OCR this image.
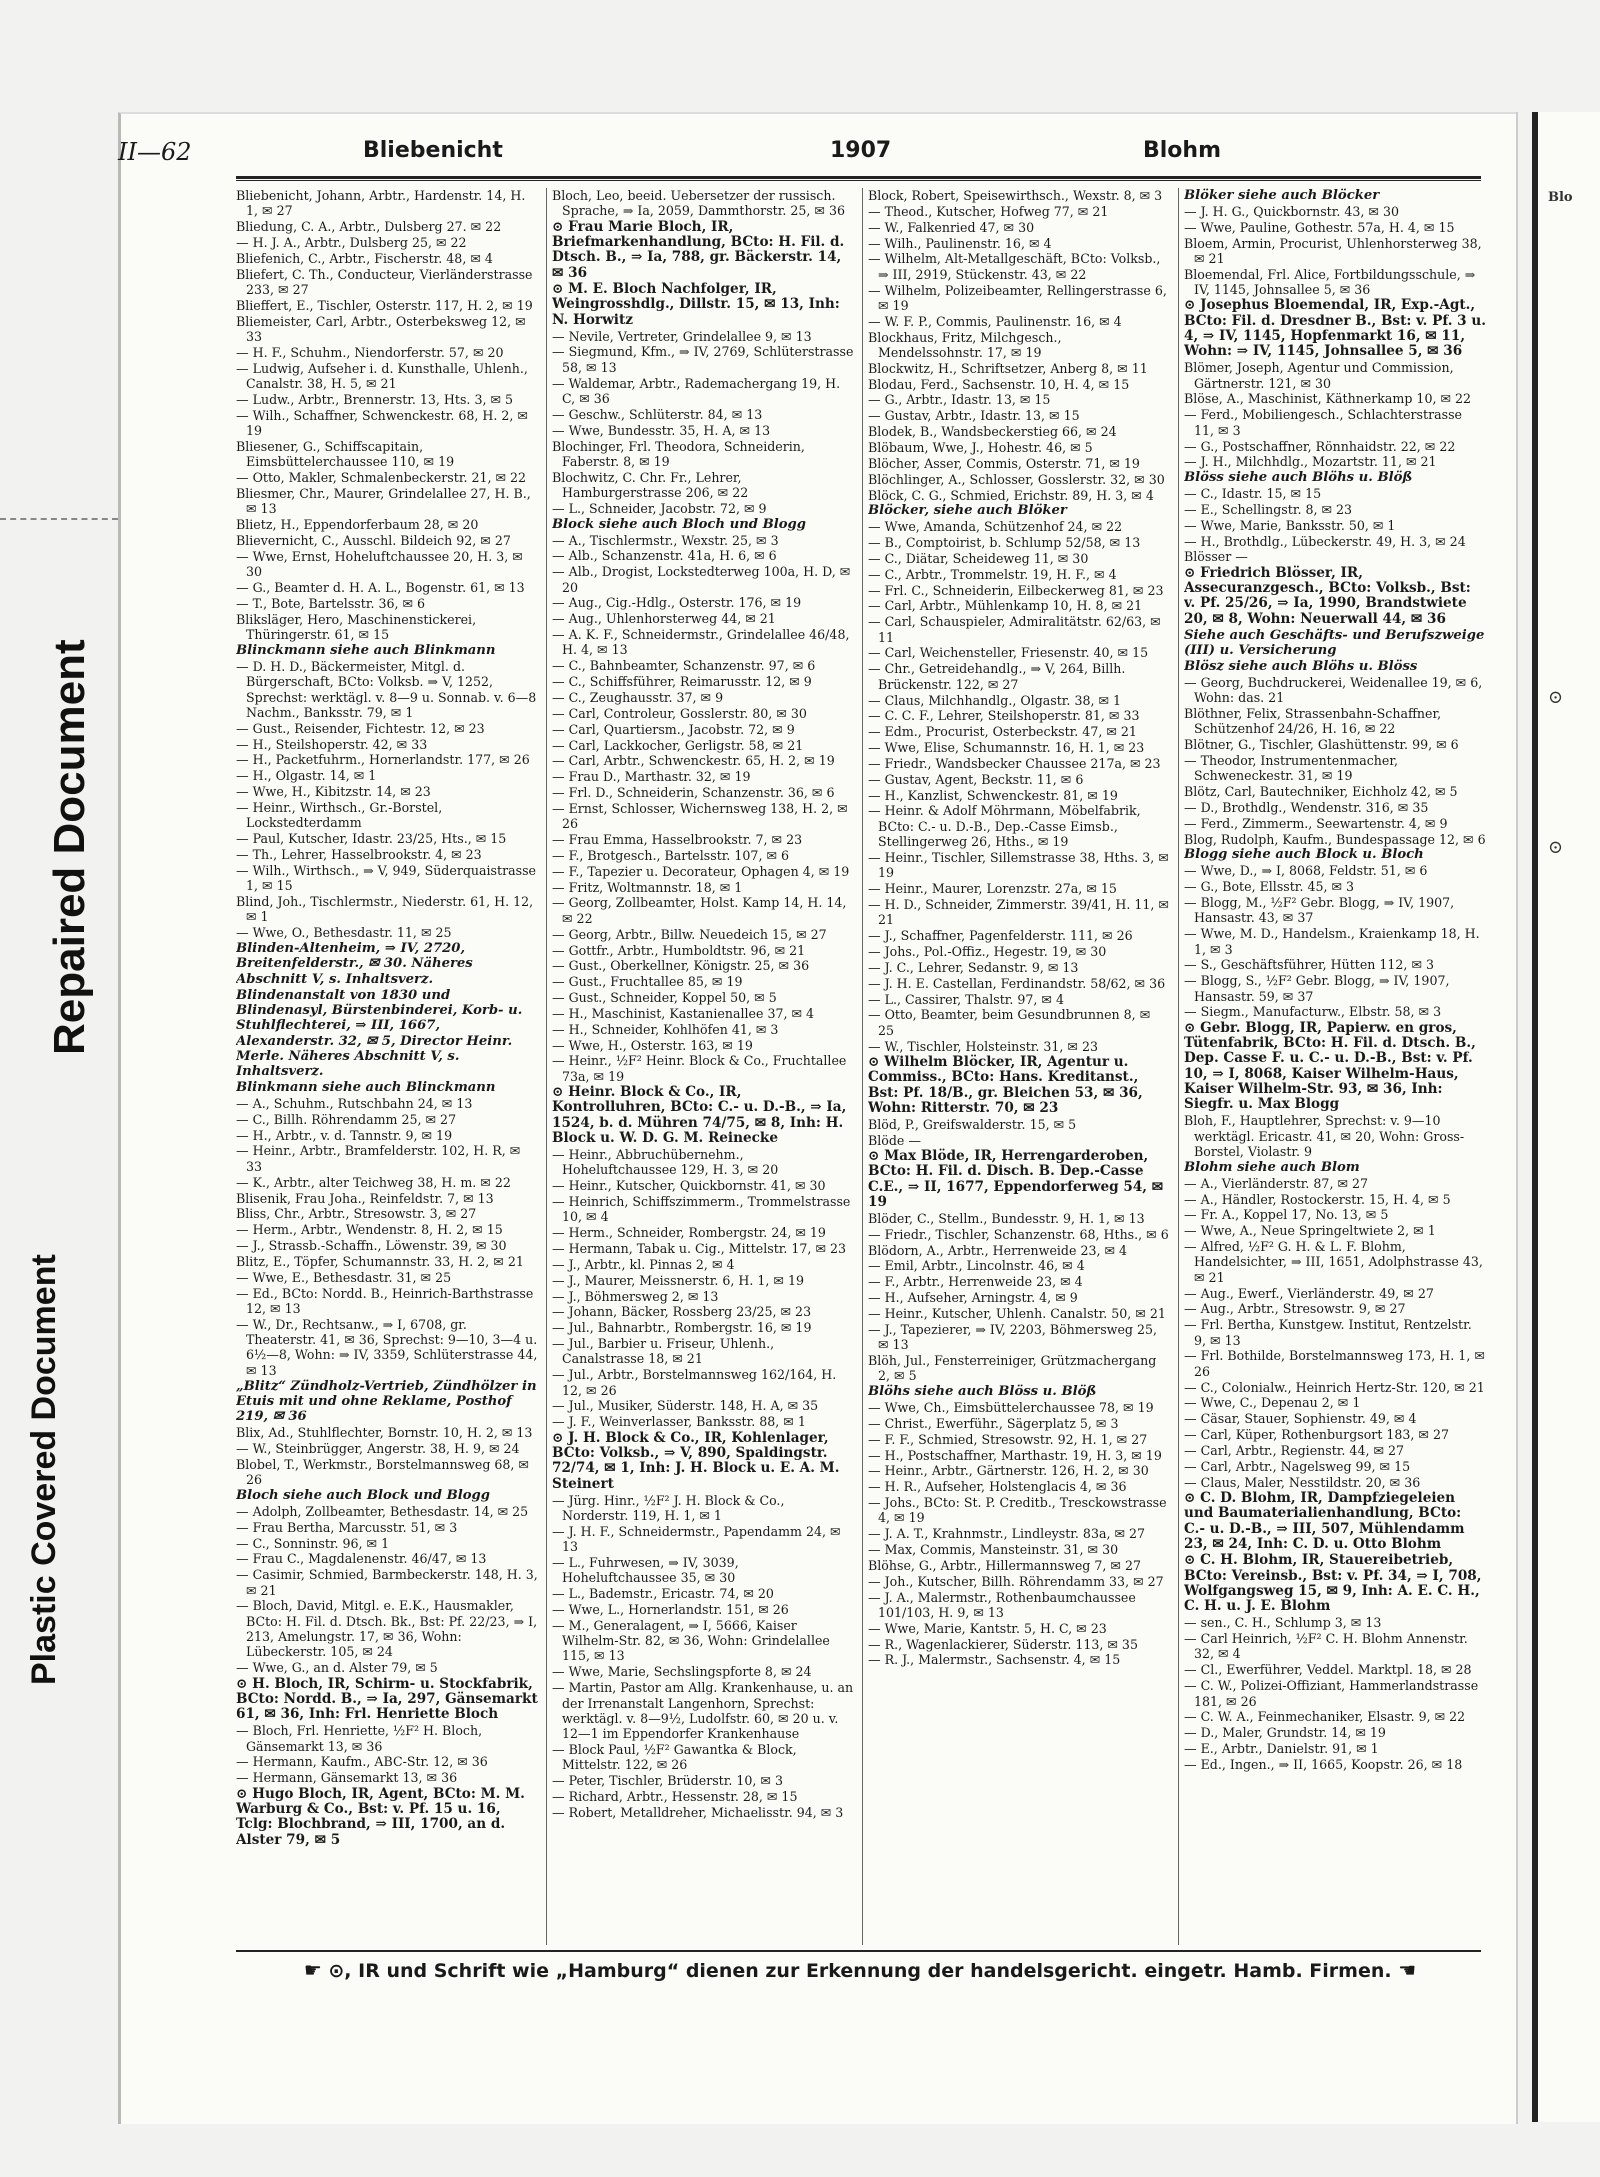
Repaired Document
Plastic Covered Document
Blo
⊙
⊙
II—62	Bliebenicht	1907	Blohm
Bliebenicht, Johann, Arbtr., Hardenstr. 14, H. 1, ✉ 27
Bliedung, C. A., Arbtr., Dulsberg 27. ✉ 22
— H. J. A., Arbtr., Dulsberg 25, ✉ 22
Bliefenich, C., Arbtr., Fischerstr. 48, ✉ 4
Bliefert, C. Th., Conducteur, Vierländerstrasse 233, ✉ 27
Blieffert, E., Tischler, Osterstr. 117, H. 2, ✉ 19
Bliemeister, Carl, Arbtr., Osterbeksweg 12, ✉ 33
— H. F., Schuhm., Niendorferstr. 57, ✉ 20
— Ludwig, Aufseher i. d. Kunsthalle, Uhlenh., Canalstr. 38, H. 5, ✉ 21
— Ludw., Arbtr., Brennerstr. 13, Hts. 3, ✉ 5
— Wilh., Schaffner, Schwenckestr. 68, H. 2, ✉ 19
Bliesener, G., Schiffscapitain, Eimsbüttelerchaussee 110, ✉ 19
— Otto, Makler, Schmalenbeckerstr. 21, ✉ 22
Bliesmer, Chr., Maurer, Grindelallee 27, H. B., ✉ 13
Blietz, H., Eppendorferbaum 28, ✉ 20
Blievernicht, C., Ausschl. Bildeich 92, ✉ 27
— Wwe, Ernst, Hoheluftchaussee 20, H. 3, ✉ 30
— G., Beamter d. H. A. L., Bogenstr. 61, ✉ 13
— T., Bote, Bartelsstr. 36, ✉ 6
Bliksläger, Hero, Maschinenstickerei, Thüringerstr. 61, ✉ 15
Blinckmann siehe auch Blinkmann
— D. H. D., Bäckermeister, Mitgl. d. Bürgerschaft, BCto: Volksb. ⇒ V, 1252, Sprechst: werktägl. v. 8—9 u. Sonnab. v. 6—8 Nachm., Banksstr. 79, ✉ 1
— Gust., Reisender, Fichtestr. 12, ✉ 23
— H., Steilshoperstr. 42, ✉ 33
— H., Packetfuhrm., Hornerlandstr. 177, ✉ 26
— H., Olgastr. 14, ✉ 1
— Wwe, H., Kibitzstr. 14, ✉ 23
— Heinr., Wirthsch., Gr.-Borstel, Lockstedterdamm
— Paul, Kutscher, Idastr. 23/25, Hts., ✉ 15
— Th., Lehrer, Hasselbrookstr. 4, ✉ 23
— Wilh., Wirthsch., ⇒ V, 949, Süderquaistrasse 1, ✉ 15
Blind, Joh., Tischlermstr., Niederstr. 61, H. 12, ✉ 1
— Wwe, O., Bethesdastr. 11, ✉ 25
Blinden-Altenheim, ⇒ IV, 2720, Breitenfelderstr., ✉ 30. Näheres Abschnitt V, s. Inhaltsverz.
Blindenanstalt von 1830 und Blindenasyl, Bürstenbinderei, Korb- u. Stuhlflechterei, ⇒ III, 1667, Alexanderstr. 32, ✉ 5, Director Heinr. Merle. Näheres Abschnitt V, s. Inhaltsverz.
Blinkmann siehe auch Blinckmann
— A., Schuhm., Rutschbahn 24, ✉ 13
— C., Billh. Röhrendamm 25, ✉ 27
— H., Arbtr., v. d. Tannstr. 9, ✉ 19
— Heinr., Arbtr., Bramfelderstr. 102, H. R, ✉ 33
— K., Arbtr., alter Teichweg 38, H. m. ✉ 22
Blisenik, Frau Joha., Reinfeldstr. 7, ✉ 13
Bliss, Chr., Arbtr., Stresowstr. 3, ✉ 27
— Herm., Arbtr., Wendenstr. 8, H. 2, ✉ 15
— J., Strassb.-Schaffn., Löwenstr. 39, ✉ 30
Blitz, E., Töpfer, Schumannstr. 33, H. 2, ✉ 21
— Wwe, E., Bethesdastr. 31, ✉ 25
— Ed., BCto: Nordd. B., Heinrich-Barthstrasse 12, ✉ 13
— W., Dr., Rechtsanw., ⇒ I, 6708, gr. Theaterstr. 41, ✉ 36, Sprechst: 9—10, 3—4 u. 6½—8, Wohn: ⇒ IV, 3359, Schlüterstrasse 44, ✉ 13
„Blitz“ Zündholz-Vertrieb, Zündhölzer in Etuis mit und ohne Reklame, Posthof 219, ✉ 36
Blix, Ad., Stuhlflechter, Bornstr. 10, H. 2, ✉ 13
— W., Steinbrügger, Angerstr. 38, H. 9, ✉ 24
Blobel, T., Werkmstr., Borstelmannsweg 68, ✉ 26
Bloch siehe auch Block und Blogg
— Adolph, Zollbeamter, Bethesdastr. 14, ✉ 25
— Frau Bertha, Marcusstr. 51, ✉ 3
— C., Sonninstr. 96, ✉ 1
— Frau C., Magdalenenstr. 46/47, ✉ 13
— Casimir, Schmied, Barmbeckerstr. 148, H. 3, ✉ 21
— Bloch, David, Mitgl. e. E.K., Hausmakler, BCto: H. Fil. d. Dtsch. Bk., Bst: Pf. 22/23, ⇒ I, 213, Amelungstr. 17, ✉ 36, Wohn: Lübeckerstr. 105, ✉ 24
— Wwe, G., an d. Alster 79, ✉ 5
⊙ H. Bloch, IR, Schirm- u. Stockfabrik, BCto: Nordd. B., ⇒ Ia, 297, Gänsemarkt 61, ✉ 36, Inh: Frl. Henriette Bloch
— Bloch, Frl. Henriette, ½F² H. Bloch, Gänsemarkt 13, ✉ 36
— Hermann, Kaufm., ABC-Str. 12, ✉ 36
— Hermann, Gänsemarkt 13, ✉ 36
⊙ Hugo Bloch, IR, Agent, BCto: M. M. Warburg & Co., Bst: v. Pf. 15 u. 16, Tclg: Blochbrand, ⇒ III, 1700, an d. Alster 79, ✉ 5
Bloch, Leo, beeid. Uebersetzer der russisch. Sprache, ⇒ Ia, 2059, Dammthorstr. 25, ✉ 36
⊙ Frau Marie Bloch, IR, Briefmarkenhandlung, BCto: H. Fil. d. Dtsch. B., ⇒ Ia, 788, gr. Bäckerstr. 14, ✉ 36
⊙ M. E. Bloch Nachfolger, IR, Weingrosshdlg., Dillstr. 15, ✉ 13, Inh: N. Horwitz
— Nevile, Vertreter, Grindelallee 9, ✉ 13
— Siegmund, Kfm., ⇒ IV, 2769, Schlüterstrasse 58, ✉ 13
— Waldemar, Arbtr., Rademachergang 19, H. C, ✉ 36
— Geschw., Schlüterstr. 84, ✉ 13
— Wwe, Bundesstr. 35, H. A, ✉ 13
Blochinger, Frl. Theodora, Schneiderin, Faberstr. 8, ✉ 19
Blochwitz, C. Chr. Fr., Lehrer, Hamburgerstrasse 206, ✉ 22
— L., Schneider, Jacobstr. 72, ✉ 9
Block siehe auch Bloch und Blogg
— A., Tischlermstr., Wexstr. 25, ✉ 3
— Alb., Schanzenstr. 41a, H. 6, ✉ 6
— Alb., Drogist, Lockstedterweg 100a, H. D, ✉ 20
— Aug., Cig.-Hdlg., Osterstr. 176, ✉ 19
— Aug., Uhlenhorsterweg 44, ✉ 21
— A. K. F., Schneidermstr., Grindelallee 46/48, H. 4, ✉ 13
— C., Bahnbeamter, Schanzenstr. 97, ✉ 6
— C., Schiffsführer, Reimarusstr. 12, ✉ 9
— C., Zeughausstr. 37, ✉ 9
— Carl, Controleur, Gosslerstr. 80, ✉ 30
— Carl, Quartiersm., Jacobstr. 72, ✉ 9
— Carl, Lackkocher, Gerligstr. 58, ✉ 21
— Carl, Arbtr., Schwenckestr. 65, H. 2, ✉ 19
— Frau D., Marthastr. 32, ✉ 19
— Frl. D., Schneiderin, Schanzenstr. 36, ✉ 6
— Ernst, Schlosser, Wichernsweg 138, H. 2, ✉ 26
— Frau Emma, Hasselbrookstr. 7, ✉ 23
— F., Brotgesch., Bartelsstr. 107, ✉ 6
— F., Tapezier u. Decorateur, Ophagen 4, ✉ 19
— Fritz, Woltmannstr. 18, ✉ 1
— Georg, Zollbeamter, Holst. Kamp 14, H. 14, ✉ 22
— Georg, Arbtr., Billw. Neuedeich 15, ✉ 27
— Gottfr., Arbtr., Humboldtstr. 96, ✉ 21
— Gust., Oberkellner, Königstr. 25, ✉ 36
— Gust., Fruchtallee 85, ✉ 19
— Gust., Schneider, Koppel 50, ✉ 5
— H., Maschinist, Kastanienallee 37, ✉ 4
— H., Schneider, Kohlhöfen 41, ✉ 3
— Wwe, H., Osterstr. 163, ✉ 19
— Heinr., ½F² Heinr. Block & Co., Fruchtallee 73a, ✉ 19
⊙ Heinr. Block & Co., IR, Kontrolluhren, BCto: C.- u. D.-B., ⇒ Ia, 1524, b. d. Mühren 74/75, ✉ 8, Inh: H. Block u. W. D. G. M. Reinecke
— Heinr., Abbruchübernehm., Hoheluftchaussee 129, H. 3, ✉ 20
— Heinr., Kutscher, Quickbornstr. 41, ✉ 30
— Heinrich, Schiffszimmerm., Trommelstrasse 10, ✉ 4
— Herm., Schneider, Rombergstr. 24, ✉ 19
— Hermann, Tabak u. Cig., Mittelstr. 17, ✉ 23
— J., Arbtr., kl. Pinnas 2, ✉ 4
— J., Maurer, Meissnerstr. 6, H. 1, ✉ 19
— J., Böhmersweg 2, ✉ 13
— Johann, Bäcker, Rossberg 23/25, ✉ 23
— Jul., Bahnarbtr., Rombergstr. 16, ✉ 19
— Jul., Barbier u. Friseur, Uhlenh., Canalstrasse 18, ✉ 21
— Jul., Arbtr., Borstelmannsweg 162/164, H. 12, ✉ 26
— Jul., Musiker, Süderstr. 148, H. A, ✉ 35
— J. F., Weinverlasser, Banksstr. 88, ✉ 1
⊙ J. H. Block & Co., IR, Kohlenlager, BCto: Volksb., ⇒ V, 890, Spaldingstr. 72/74, ✉ 1, Inh: J. H. Block u. E. A. M. Steinert
— Jürg. Hinr., ½F² J. H. Block & Co., Norderstr. 119, H. 1, ✉ 1
— J. H. F., Schneidermstr., Papendamm 24, ✉ 13
— L., Fuhrwesen, ⇒ IV, 3039, Hoheluftchaussee 35, ✉ 30
— L., Bademstr., Ericastr. 74, ✉ 20
— Wwe, L., Hornerlandstr. 151, ✉ 26
— M., Generalagent, ⇒ I, 5666, Kaiser Wilhelm-Str. 82, ✉ 36, Wohn: Grindelallee 115, ✉ 13
— Wwe, Marie, Sechslingspforte 8, ✉ 24
— Martin, Pastor am Allg. Krankenhause, u. an der Irrenanstalt Langenhorn, Sprechst: werktägl. v. 8—9½, Ludolfstr. 60, ✉ 20 u. v. 12—1 im Eppendorfer Krankenhause
— Block Paul, ½F² Gawantka & Block, Mittelstr. 122, ✉ 26
— Peter, Tischler, Brüderstr. 10, ✉ 3
— Richard, Arbtr., Hessenstr. 28, ✉ 15
— Robert, Metalldreher, Michaelisstr. 94, ✉ 3
Block, Robert, Speisewirthsch., Wexstr. 8, ✉ 3
— Theod., Kutscher, Hofweg 77, ✉ 21
— W., Falkenried 47, ✉ 30
— Wilh., Paulinenstr. 16, ✉ 4
— Wilhelm, Alt-Metallgeschäft, BCto: Volksb., ⇒ III, 2919, Stückenstr. 43, ✉ 22
— Wilhelm, Polizeibeamter, Rellingerstrasse 6, ✉ 19
— W. F. P., Commis, Paulinenstr. 16, ✉ 4
Blockhaus, Fritz, Milchgesch., Mendelssohnstr. 17, ✉ 19
Blockwitz, H., Schriftsetzer, Anberg 8, ✉ 11
Blodau, Ferd., Sachsenstr. 10, H. 4, ✉ 15
— G., Arbtr., Idastr. 13, ✉ 15
— Gustav, Arbtr., Idastr. 13, ✉ 15
Blodek, B., Wandsbeckerstieg 66, ✉ 24
Blöbaum, Wwe, J., Hohestr. 46, ✉ 5
Blöcher, Asser, Commis, Osterstr. 71, ✉ 19
Blöchlinger, A., Schlosser, Gosslerstr. 32, ✉ 30
Blöck, C. G., Schmied, Erichstr. 89, H. 3, ✉ 4
Blöcker, siehe auch Blöker
— Wwe, Amanda, Schützenhof 24, ✉ 22
— B., Comptoirist, b. Schlump 52/58, ✉ 13
— C., Diätar, Scheideweg 11, ✉ 30
— C., Arbtr., Trommelstr. 19, H. F., ✉ 4
— Frl. C., Schneiderin, Eilbeckerweg 81, ✉ 23
— Carl, Arbtr., Mühlenkamp 10, H. 8, ✉ 21
— Carl, Schauspieler, Admiralitätstr. 62/63, ✉ 11
— Carl, Weichensteller, Friesenstr. 40, ✉ 15
— Chr., Getreidehandlg., ⇒ V, 264, Billh. Brückenstr. 122, ✉ 27
— Claus, Milchhandlg., Olgastr. 38, ✉ 1
— C. C. F., Lehrer, Steilshoperstr. 81, ✉ 33
— Edm., Procurist, Osterbeckstr. 47, ✉ 21
— Wwe, Elise, Schumannstr. 16, H. 1, ✉ 23
— Friedr., Wandsbecker Chaussee 217a, ✉ 23
— Gustav, Agent, Beckstr. 11, ✉ 6
— H., Kanzlist, Schwenckestr. 81, ✉ 19
— Heinr. & Adolf Möhrmann, Möbelfabrik, BCto: C.- u. D.-B., Dep.-Casse Eimsb., Stellingerweg 26, Hths., ✉ 19
— Heinr., Tischler, Sillemstrasse 38, Hths. 3, ✉ 19
— Heinr., Maurer, Lorenzstr. 27a, ✉ 15
— H. D., Schneider, Zimmerstr. 39/41, H. 11, ✉ 21
— J., Schaffner, Pagenfelderstr. 111, ✉ 26
— Johs., Pol.-Offiz., Hegestr. 19, ✉ 30
— J. C., Lehrer, Sedanstr. 9, ✉ 13
— J. H. E. Castellan, Ferdinandstr. 58/62, ✉ 36
— L., Cassirer, Thalstr. 97, ✉ 4
— Otto, Beamter, beim Gesundbrunnen 8, ✉ 25
— W., Tischler, Holsteinstr. 31, ✉ 23
⊙ Wilhelm Blöcker, IR, Agentur u. Commiss., BCto: Hans. Kreditanst., Bst: Pf. 18/B., gr. Bleichen 53, ✉ 36, Wohn: Ritterstr. 70, ✉ 23
Blöd, P., Greifswalderstr. 15, ✉ 5
Blöde —
⊙ Max Blöde, IR, Herrengarderoben, BCto: H. Fil. d. Disch. B. Dep.-Casse C.E., ⇒ II, 1677, Eppendorferweg 54, ✉ 19
Blöder, C., Stellm., Bundesstr. 9, H. 1, ✉ 13
— Friedr., Tischler, Schanzenstr. 68, Hths., ✉ 6
Blödorn, A., Arbtr., Herrenweide 23, ✉ 4
— Emil, Arbtr., Lincolnstr. 46, ✉ 4
— F., Arbtr., Herrenweide 23, ✉ 4
— H., Aufseher, Arningstr. 4, ✉ 9
— Heinr., Kutscher, Uhlenh. Canalstr. 50, ✉ 21
— J., Tapezierer, ⇒ IV, 2203, Böhmersweg 25, ✉ 13
Blöh, Jul., Fensterreiniger, Grützmachergang 2, ✉ 5
Blöhs siehe auch Blöss u. Blöß
— Wwe, Ch., Eimsbüttelerchaussee 78, ✉ 19
— Christ., Ewerführ., Sägerplatz 5, ✉ 3
— F. F., Schmied, Stresowstr. 92, H. 1, ✉ 27
— H., Postschaffner, Marthastr. 19, H. 3, ✉ 19
— Heinr., Arbtr., Gärtnerstr. 126, H. 2, ✉ 30
— H. R., Aufseher, Holstenglacis 4, ✉ 36
— Johs., BCto: St. P. Creditb., Tresckowstrasse 4, ✉ 19
— J. A. T., Krahnmstr., Lindleystr. 83a, ✉ 27
— Max, Commis, Mansteinstr. 31, ✉ 30
Blöhse, G., Arbtr., Hillermannsweg 7, ✉ 27
— Joh., Kutscher, Billh. Röhrendamm 33, ✉ 27
— J. A., Malermstr., Rothenbaumchaussee 101/103, H. 9, ✉ 13
— Wwe, Marie, Kantstr. 5, H. C, ✉ 23
— R., Wagenlackierer, Süderstr. 113, ✉ 35
— R. J., Malermstr., Sachsenstr. 4, ✉ 15
Blöker siehe auch Blöcker
— J. H. G., Quickbornstr. 43, ✉ 30
— Wwe, Pauline, Gothestr. 57a, H. 4, ✉ 15
Bloem, Armin, Procurist, Uhlenhorsterweg 38, ✉ 21
Bloemendal, Frl. Alice, Fortbildungsschule, ⇒ IV, 1145, Johnsallee 5, ✉ 36
⊙ Josephus Bloemendal, IR, Exp.-Agt., BCto: Fil. d. Dresdner B., Bst: v. Pf. 3 u. 4, ⇒ IV, 1145, Hopfenmarkt 16, ✉ 11, Wohn: ⇒ IV, 1145, Johnsallee 5, ✉ 36
Blömer, Joseph, Agentur und Commission, Gärtnerstr. 121, ✉ 30
Blöse, A., Maschinist, Käthnerkamp 10, ✉ 22
— Ferd., Mobiliengesch., Schlachterstrasse 11, ✉ 3
— G., Postschaffner, Rönnhaidstr. 22, ✉ 22
— J. H., Milchhdlg., Mozartstr. 11, ✉ 21
Blöss siehe auch Blöhs u. Blöß
— C., Idastr. 15, ✉ 15
— E., Schellingstr. 8, ✉ 23
— Wwe, Marie, Banksstr. 50, ✉ 1
— H., Brothdlg., Lübeckerstr. 49, H. 3, ✉ 24
Blösser —
⊙ Friedrich Blösser, IR, Assecuranzgesch., BCto: Volksb., Bst: v. Pf. 25/26, ⇒ Ia, 1990, Brandstwiete 20, ✉ 8, Wohn: Neuerwall 44, ✉ 36
Siehe auch Geschäfts- und Berufszweige (III) u. Versicherung
Blösz siehe auch Blöhs u. Blöss
— Georg, Buchdruckerei, Weidenallee 19, ✉ 6, Wohn: das. 21
Blöthner, Felix, Strassenbahn-Schaffner, Schützenhof 24/26, H. 16, ✉ 22
Blötner, G., Tischler, Glashüttenstr. 99, ✉ 6
— Theodor, Instrumentenmacher, Schweneckestr. 31, ✉ 19
Blötz, Carl, Bautechniker, Eichholz 42, ✉ 5
— D., Brothdlg., Wendenstr. 316, ✉ 35
— Ferd., Zimmerm., Seewartenstr. 4, ✉ 9
Blog, Rudolph, Kaufm., Bundespassage 12, ✉ 6
Blogg siehe auch Block u. Bloch
— Wwe, D., ⇒ I, 8068, Feldstr. 51, ✉ 6
— G., Bote, Ellsstr. 45, ✉ 3
— Blogg, M., ½F² Gebr. Blogg, ⇒ IV, 1907, Hansastr. 43, ✉ 37
— Wwe, M. D., Handelsm., Kraienkamp 18, H. 1, ✉ 3
— S., Geschäftsführer, Hütten 112, ✉ 3
— Blogg, S., ½F² Gebr. Blogg, ⇒ IV, 1907, Hansastr. 59, ✉ 37
— Siegm., Manufacturw., Elbstr. 58, ✉ 3
⊙ Gebr. Blogg, IR, Papierw. en gros, Tütenfabrik, BCto: H. Fil. d. Dtsch. B., Dep. Casse F. u. C.- u. D.-B., Bst: v. Pf. 10, ⇒ I, 8068, Kaiser Wilhelm-Haus, Kaiser Wilhelm-Str. 93, ✉ 36, Inh: Siegfr. u. Max Blogg
Bloh, F., Hauptlehrer, Sprechst: v. 9—10 werktägl. Ericastr. 41, ✉ 20, Wohn: Gross-Borstel, Violastr. 9
Blohm siehe auch Blom
— A., Vierländerstr. 87, ✉ 27
— A., Händler, Rostockerstr. 15, H. 4, ✉ 5
— Fr. A., Koppel 17, No. 13, ✉ 5
— Wwe, A., Neue Springeltwiete 2, ✉ 1
— Alfred, ½F² G. H. & L. F. Blohm, Handelsichter, ⇒ III, 1651, Adolphstrasse 43, ✉ 21
— Aug., Ewerf., Vierländerstr. 49, ✉ 27
— Aug., Arbtr., Stresowstr. 9, ✉ 27
— Frl. Bertha, Kunstgew. Institut, Rentzelstr. 9, ✉ 13
— Frl. Bothilde, Borstelmannsweg 173, H. 1, ✉ 26
— C., Colonialw., Heinrich Hertz-Str. 120, ✉ 21
— Wwe, C., Depenau 2, ✉ 1
— Cäsar, Stauer, Sophienstr. 49, ✉ 4
— Carl, Küper, Rothenburgsort 183, ✉ 27
— Carl, Arbtr., Regienstr. 44, ✉ 27
— Carl, Arbtr., Nagelsweg 99, ✉ 15
— Claus, Maler, Nesstildstr. 20, ✉ 36
⊙ C. D. Blohm, IR, Dampfziegeleien und Baumaterialienhandlung, BCto: C.- u. D.-B., ⇒ III, 507, Mühlendamm 23, ✉ 24, Inh: C. D. u. Otto Blohm
⊙ C. H. Blohm, IR, Stauereibetrieb, BCto: Vereinsb., Bst: v. Pf. 34, ⇒ I, 708, Wolfgangsweg 15, ✉ 9, Inh: A. E. C. H., C. H. u. J. E. Blohm
— sen., C. H., Schlump 3, ✉ 13
— Carl Heinrich, ½F² C. H. Blohm Annenstr. 32, ✉ 4
— Cl., Ewerführer, Veddel. Marktpl. 18, ✉ 28
— C. W., Polizei-Offiziant, Hammerlandstrasse 181, ✉ 26
— C. W. A., Feinmechaniker, Elsastr. 9, ✉ 22
— D., Maler, Grundstr. 14, ✉ 19
— E., Arbtr., Danielstr. 91, ✉ 1
— Ed., Ingen., ⇒ II, 1665, Koopstr. 26, ✉ 18
☛ ⊙, IR und Schrift wie „Hamburg“ dienen zur Erkennung der handelsgericht. eingetr. Hamb. Firmen. ☚
